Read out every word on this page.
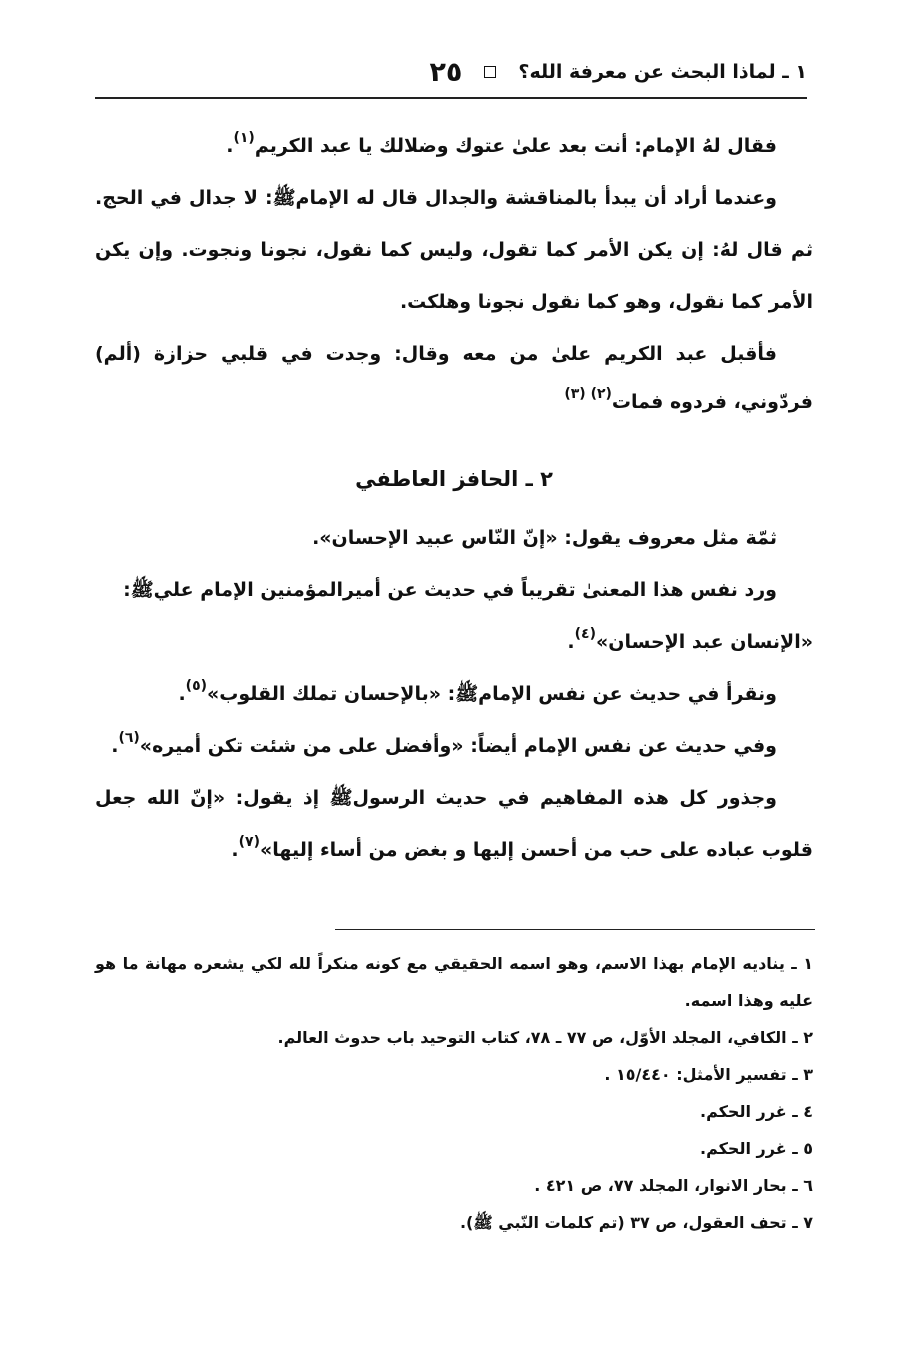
١ ـ لماذا البحث عن معرفة الله؟
٢٥

فقال لهُ الإمام: أنت بعد علىٰ عتوك وضلالك يا عبد الكريم$^{(١)}$.

وعندما أراد أن يبدأ بالمناقشة والجدال قال له الإمامﷺ: لا جدال في الحج. ثم قال لهُ: إن يكن الأمر كما تقول، وليس كما نقول، نجونا ونجوت. وإن يكن الأمر كما نقول، وهو كما نقول نجونا وهلكت.

فأقبل عبد الكريم علىٰ من معه وقال: وجدت في قلبي حزازة (ألم) فردّوني، فردوه فمات$^{(٢) (٣)}$

٢ ـ الحافز العاطفي

ثمّة مثل معروف يقول: «إنّ النّاس عبيد الإحسان».

ورد نفس هذا المعنىٰ تقريباً في حديث عن أميرالمؤمنين الإمام عليﷺ:

«الإنسان عبد الإحسان»$^{(٤)}$.

ونقرأ في حديث عن نفس الإمامﷺ: «بالإحسان تملك القلوب»$^{(٥)}$.

وفي حديث عن نفس الإمام أيضاً: «وأفضل على من شئت تكن أميره»$^{(٦)}$.

وجذور كل هذه المفاهيم في حديث الرسولﷺ إذ يقول: «إنّ الله جعل قلوب عباده على حب من أحسن إليها و بغض من أساء إليها»$^{(٧)}$.

١ ـ يناديه الإمام بهذا الاسم، وهو اسمه الحقيقي مع كونه منكراً لله لكي يشعره مهانة ما هو عليه وهذا اسمه.

٢ ـ الكافي، المجلد الأوّل، ص ٧٧ ـ ٧٨، كتاب التوحيد باب حدوث العالم.

٣ ـ تفسير الأمثل: ١٥/٤٤٠ .

٤ ـ غرر الحكم.

٥ ـ غرر الحكم.

٦ ـ بحار الانوار، المجلد ٧٧، ص ٤٢١ .

٧ ـ تحف العقول، ص ٣٧ (تم كلمات النّبي ﷺ).
